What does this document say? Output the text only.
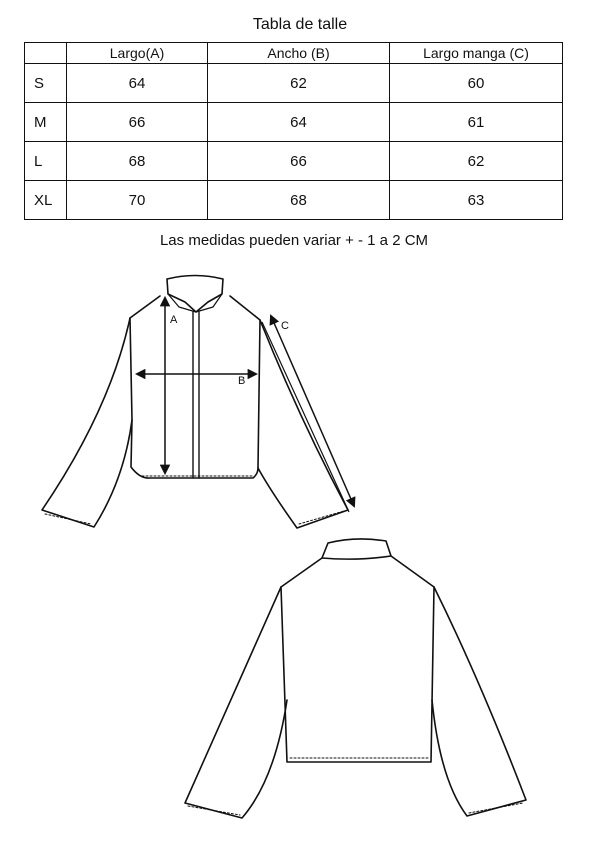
Tabla de talle
	Largo(A)	Ancho (B)	Largo manga (C)
S	64	62	60
M	66	64	61
L	68	66	62
XL	70	68	63
Las medidas pueden variar + - 1 a 2 CM
A
B
C
